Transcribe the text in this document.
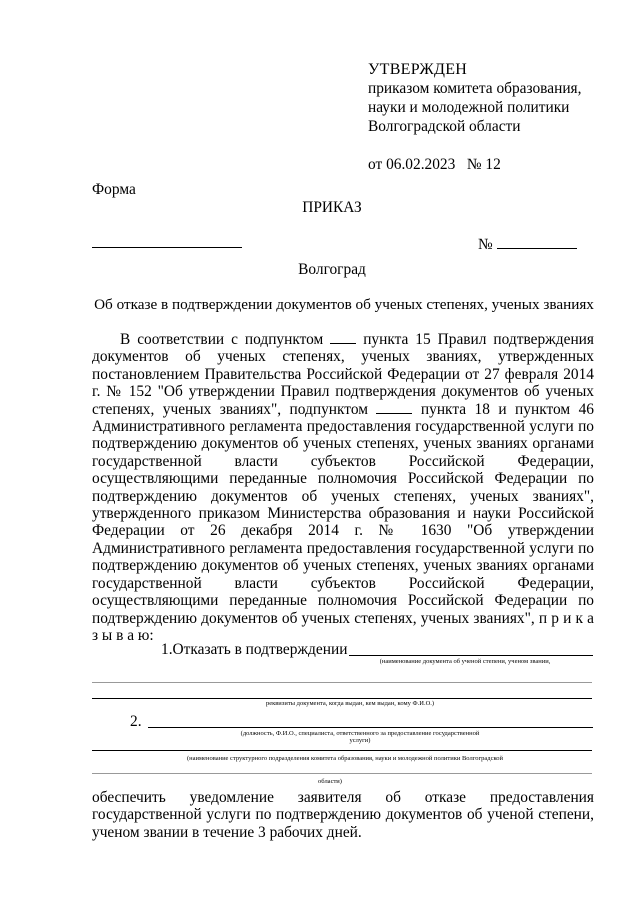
УТВЕРЖДЕН
приказом комитета образования,
науки и молодежной политики
Волгоградской области
от 06.02.2023   № 12
Форма
ПРИКАЗ
№
Волгоград
Об отказе в подтверждении документов об ученых степенях, ученых званиях

В соответствии с подпунктом  пункта 15 Правил подтверждения документов об ученых степенях, ученых званиях, утвержденных постановлением Правительства Российской Федерации от 27 февраля 2014 г. № 152 "Об утверждении Правил подтверждения документов об ученых степенях, ученых званиях", подпунктом  пункта 18 и пунктом 46 Административного регламента предоставления государственной услуги по подтверждению документов об ученых степенях, ученых званиях органами государственной власти субъектов Российской Федерации, осуществляющими переданные полномочия Российской Федерации по подтверждению документов об ученых степенях, ученых званиях", утвержденного приказом Министерства образования и науки Российской Федерации от 26 декабря 2014 г. № 1630 "Об утверждении Административного регламента предоставления государственной услуги по подтверждению документов об ученых степенях, ученых званиях органами государственной власти субъектов Российской Федерации, осуществляющими переданные полномочия Российской Федерации по подтверждению документов об ученых степенях, ученых званиях", п р и к а з ы в а ю:

1.Отказать в подтверждении
(наименование документа об ученой степени, ученом звании,
реквизиты документа, когда выдан, кем выдан, кому Ф.И.О.)
2.
(должность, Ф.И.О., специалиста, ответственного за предоставление государственной услуги)
(наименование структурного подразделения комитета образования, науки и молодежной политики Волгоградской
области)

обеспечить уведомление заявителя об отказе предоставления государственной услуги по подтверждению документов об ученой степени, ученом звании в течение 3 рабочих дней.
